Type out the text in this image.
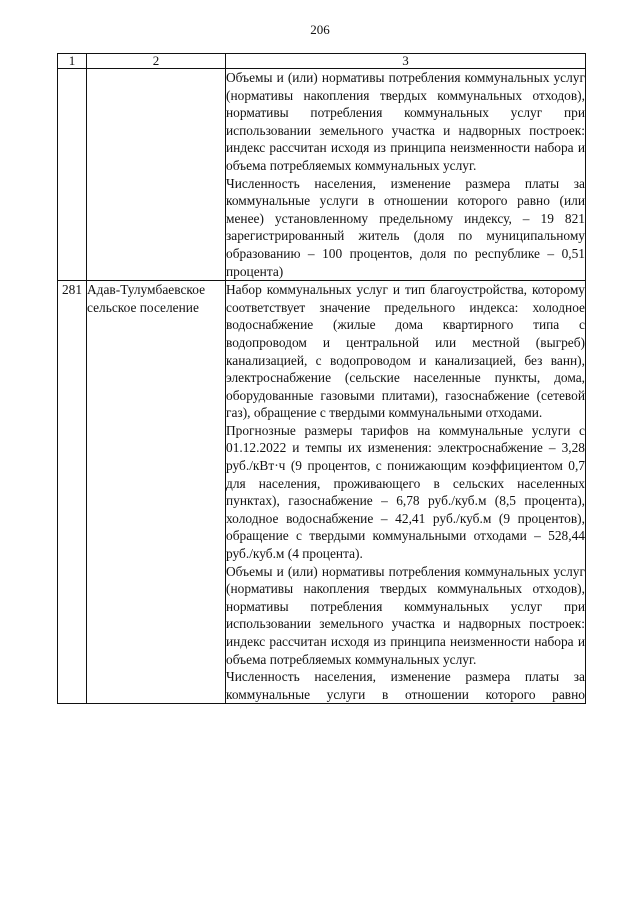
206
1	2	3

		Объемы и (или) нормативы потребления коммунальных услуг (нормативы накопления твердых коммунальных отходов), нормативы потребления коммунальных услуг при использовании земельного участка и надворных построек: индекс рассчитан исходя из принципа неизменности набора и объема потребляемых коммунальных услуг.

Численность населения, изменение размера платы за коммунальные услуги в отношении которого равно (или менее) установленному предельному индексу, – 19 821 зарегистрированный житель (доля по муниципальному образованию – 100 процентов, доля по республике – 0,51 процента)

281	Адав-Тулумбаевское сельское поселение	Набор коммунальных услуг и тип благоустройства, которому соответствует значение предельного индекса: холодное водоснабжение (жилые дома квартирного типа с водопроводом и центральной или местной (выгреб) канализацией, с водопроводом и канализацией, без ванн), электроснабжение (сельские населенные пункты, дома, оборудованные газовыми плитами), газоснабжение (сетевой газ), обращение с твердыми коммунальными отходами.

Прогнозные размеры тарифов на коммунальные услуги с 01.12.2022 и темпы их изменения: электроснабжение – 3,28 руб./кВт·ч (9 процентов, с понижающим коэффициентом 0,7 для населения, проживающего в сельских населенных пунктах), газоснабжение – 6,78 руб./куб.м (8,5 процента), холодное водоснабжение – 42,41 руб./куб.м (9 процентов), обращение с твердыми коммунальными отходами – 528,44 руб./куб.м (4 процента).

Объемы и (или) нормативы потребления коммунальных услуг (нормативы накопления твердых коммунальных отходов), нормативы потребления коммунальных услуг при использовании земельного участка и надворных построек: индекс рассчитан исходя из принципа неизменности набора и объема потребляемых коммунальных услуг.

Численность населения, изменение размера платы за коммунальные услуги в отношении которого равно
